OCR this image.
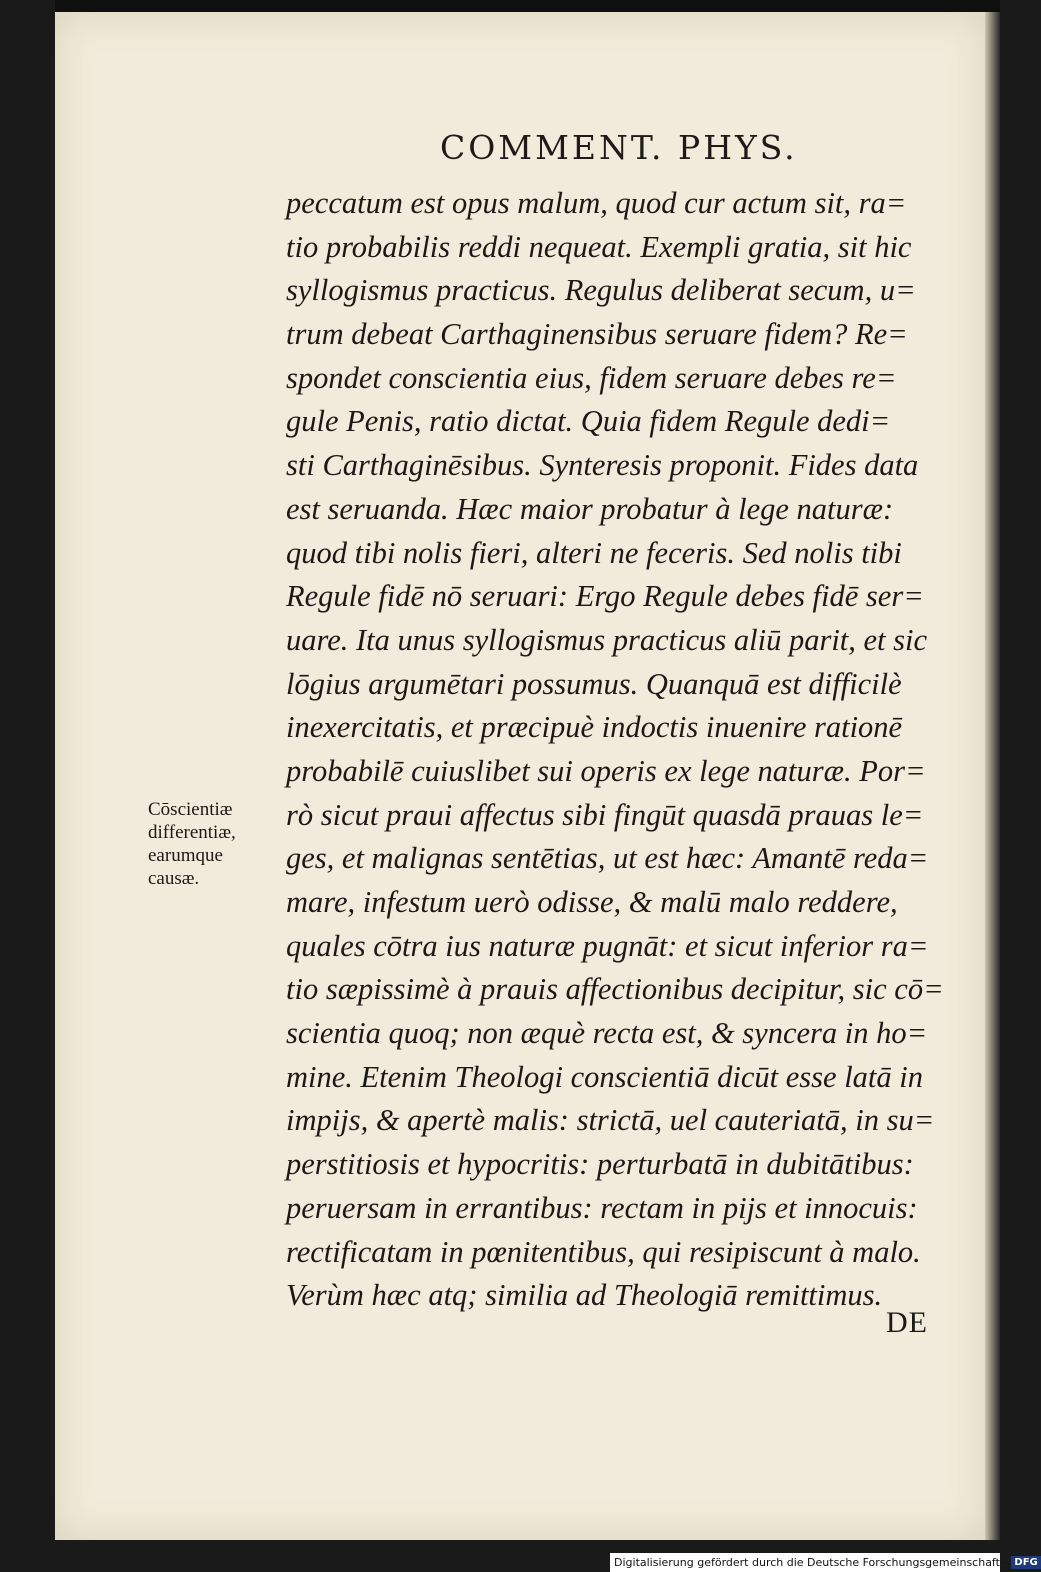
COMMENT. PHYS.
peccatum est opus malum, quod cur actum sit, ra=
tio probabilis reddi nequeat. Exempli gratia, sit hic
syllogismus practicus. Regulus deliberat secum, u=
trum debeat Carthaginensibus seruare fidem? Re=
spondet conscientia eius, fidem seruare debes re=
gule Penis, ratio dictat. Quia fidem Regule dedi=
sti Carthaginēsibus. Synteresis proponit. Fides data
est seruanda. Hæc maior probatur à lege naturæ:
quod tibi nolis fieri, alteri ne feceris. Sed nolis tibi
Regule fidē nō seruari: Ergo Regule debes fidē ser=
uare. Ita unus syllogismus practicus aliū parit, et sic
lōgius argumētari possumus. Quanquā est difficilè
inexercitatis, et præcipuè indoctis inuenire rationē
probabilē cuiuslibet sui operis ex lege naturæ. Por=
rò sicut praui affectus sibi fingūt quasdā prauas le=
ges, et malignas sentētias, ut est hæc: Amantē reda=
mare, infestum uerò odisse, & malū malo reddere,
quales cōtra ius naturæ pugnāt: et sicut inferior ra=
tio sæpissimè à prauis affectionibus decipitur, sic cō=
scientia quoq; non æquè recta est, & syncera in ho=
mine. Etenim Theologi conscientiā dicūt esse latā in
impijs, & apertè malis: strictā, uel cauteriatā, in su=
perstitiosis et hypocritis: perturbatā in dubitātibus:
peruersam in errantibus: rectam in pijs et innocuis:
rectificatam in pœnitentibus, qui resipiscunt à malo.
Verùm hæc atq; similia ad Theologiā remittimus.
Cōscientiæ
differentiæ,
earumque
causæ.
DE
Digitalisierung gefördert durch die Deutsche Forschungsgemeinschaft - DFG
